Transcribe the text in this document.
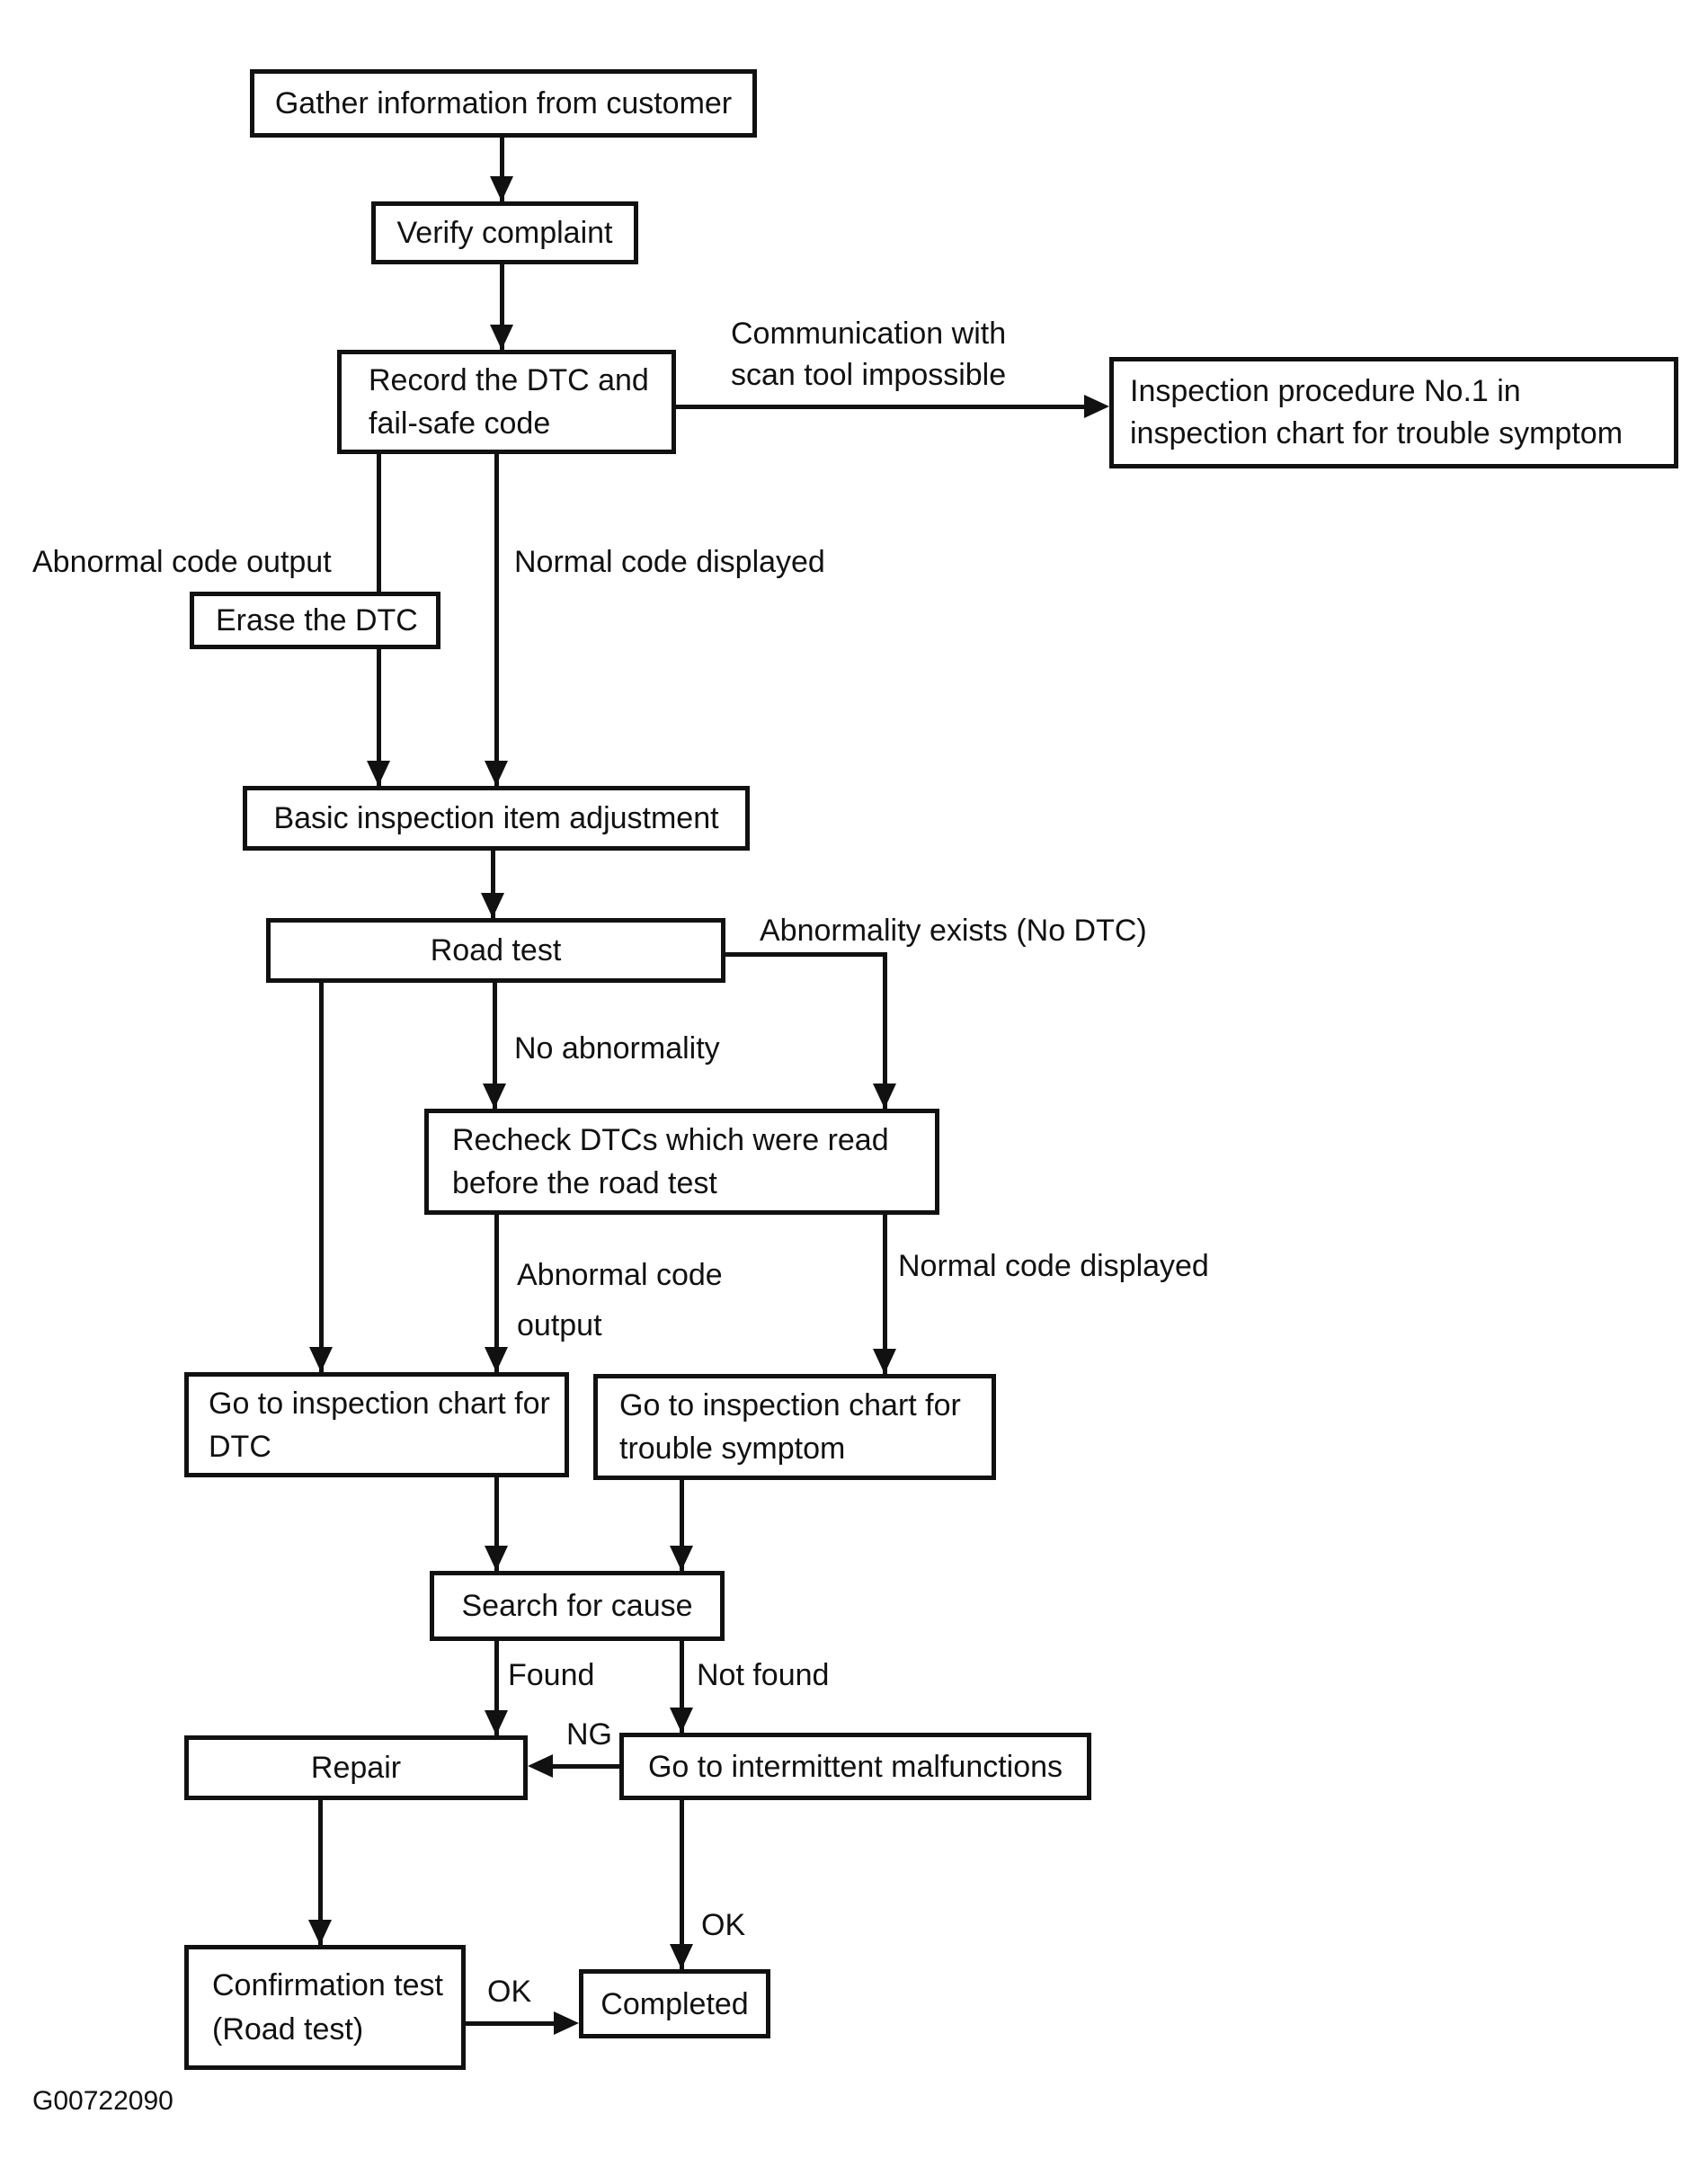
Gather information from customer
Verify complaint
Record the DTC and
fail-safe code
Inspection procedure No.1 in
inspection chart for trouble symptom
Erase the DTC
Basic inspection item adjustment
Road test
Recheck DTCs which were read
before the road test
Go to inspection chart for
DTC
Go to inspection chart for
trouble symptom
Search for cause
Repair	Go to intermittent malfunctions
Confirmation test
(Road test)
Completed
Communication with
scan tool impossible
Abnormal code output	Normal code displayed
Abnormality exists (No DTC)
No abnormality
Abnormal code
output
Normal code displayed
Found	Not found
NG
OK
OK
G00722090
